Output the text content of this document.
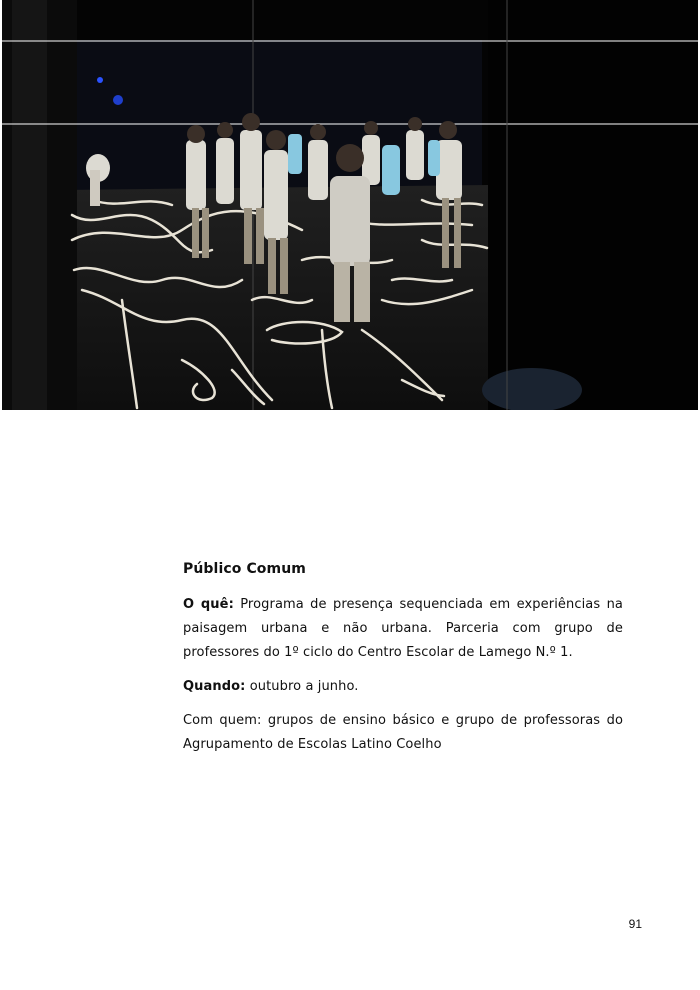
Público Comum

O quê: Programa de presença sequenciada em experiências na paisagem urbana e não urbana. Parceria com grupo de professores do 1º ciclo do Centro Escolar de Lamego N.º 1.

Quando: outubro a junho.

Com quem: grupos de ensino básico e grupo de professoras do Agrupamento de Escolas Latino Coelho

91
